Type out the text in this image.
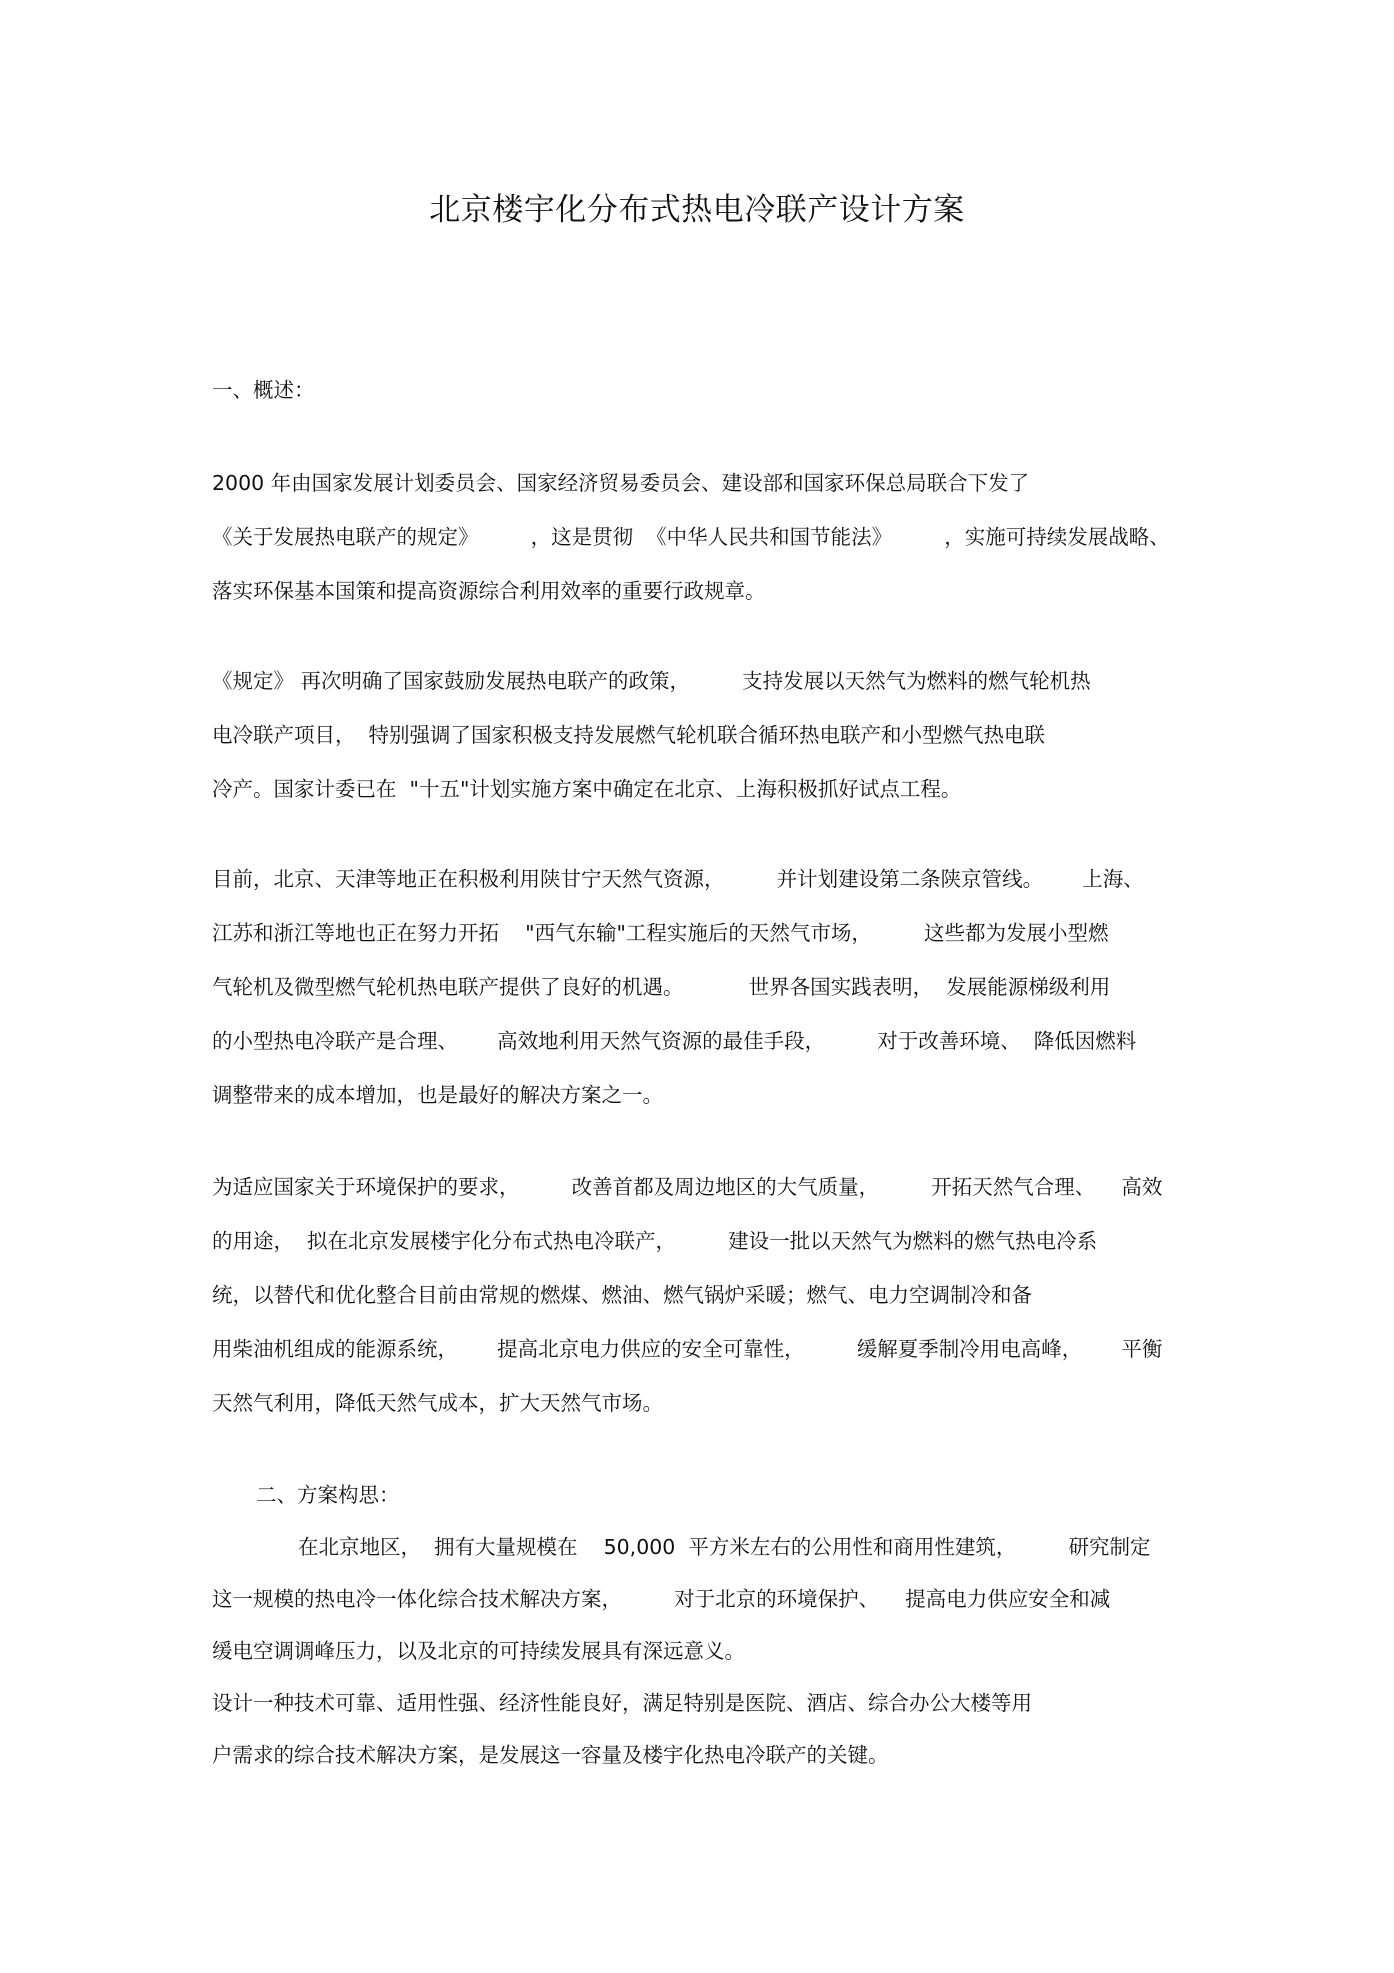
北京楼宇化分布式热电冷联产设计方案
一、概述：
2000 年由国家发展计划委员会、国家经济贸易委员会、建设部和国家环保总局联合下发了
《关于发展热电联产的规定》        ，这是贯彻  《中华人民共和国节能法》        ，实施可持续发展战略、
落实环保基本国策和提高资源综合利用效率的重要行政规章。
《规定》 再次明确了国家鼓励发展热电联产的政策，        支持发展以天然气为燃料的燃气轮机热
电冷联产项目，  特别强调了国家积极支持发展燃气轮机联合循环热电联产和小型燃气热电联
冷产。国家计委已在  "十五"计划实施方案中确定在北京、上海积极抓好试点工程。
目前，北京、天津等地正在积极利用陕甘宁天然气资源，        并计划建设第二条陕京管线。      上海、
江苏和浙江等地也正在努力开拓    "西气东输"工程实施后的天然气市场，        这些都为发展小型燃
气轮机及微型燃气轮机热电联产提供了良好的机遇。          世界各国实践表明，  发展能源梯级利用
的小型热电冷联产是合理、      高效地利用天然气资源的最佳手段，        对于改善环境、  降低因燃料
调整带来的成本增加，也是最好的解决方案之一。
为适应国家关于环境保护的要求，        改善首都及周边地区的大气质量，        开拓天然气合理、    高效
的用途，  拟在北京发展楼宇化分布式热电冷联产，        建设一批以天然气为燃料的燃气热电冷系
统，以替代和优化整合目前由常规的燃煤、燃油、燃气锅炉采暖；燃气、电力空调制冷和备
用柴油机组成的能源系统，      提高北京电力供应的安全可靠性，        缓解夏季制冷用电高峰，      平衡
天然气利用，降低天然气成本，扩大天然气市场。
二、方案构思：
在北京地区，  拥有大量规模在    50,000  平方米左右的公用性和商用性建筑，        研究制定
这一规模的热电冷一体化综合技术解决方案，        对于北京的环境保护、    提高电力供应安全和减
缓电空调调峰压力，以及北京的可持续发展具有深远意义。
设计一种技术可靠、适用性强、经济性能良好，满足特别是医院、酒店、综合办公大楼等用
户需求的综合技术解决方案，是发展这一容量及楼宇化热电冷联产的关键。
